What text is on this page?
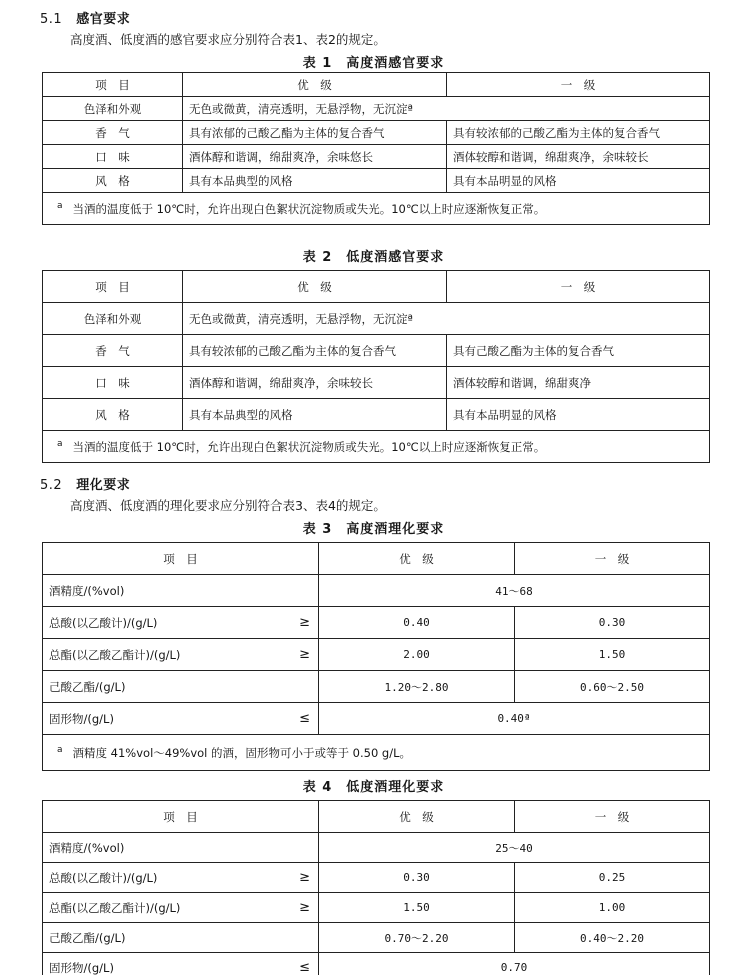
5.1 感官要求
高度酒、低度酒的感官要求应分别符合表1、表2的规定。
表 1 高度酒感官要求
项　目	优　级	一　级
色泽和外观	无色或微黄，清亮透明，无悬浮物，无沉淀ª	
香　气	具有浓郁的己酸乙酯为主体的复合香气	具有较浓郁的己酸乙酯为主体的复合香气
口　味	酒体醇和谐调，绵甜爽净，余味悠长	酒体较醇和谐调，绵甜爽净，余味较长
风　格	具有本品典型的风格	具有本品明显的风格
$^a$ 当酒的温度低于 10℃时，允许出现白色絮状沉淀物质或失光。10℃以上时应逐渐恢复正常。		
表 2 低度酒感官要求
项　目	优　级	一　级
色泽和外观	无色或微黄，清亮透明，无悬浮物，无沉淀ª	
香　气	具有较浓郁的己酸乙酯为主体的复合香气	具有己酸乙酯为主体的复合香气
口　味	酒体醇和谐调，绵甜爽净，余味较长	酒体较醇和谐调，绵甜爽净
风　格	具有本品典型的风格	具有本品明显的风格
$^a$ 当酒的温度低于 10℃时，允许出现白色絮状沉淀物质或失光。10℃以上时应逐渐恢复正常。		
5.2 理化要求
高度酒、低度酒的理化要求应分别符合表3、表4的规定。
表 3 高度酒理化要求
项　目	优　级	一　级
酒精度/(%vol)	41～68	
总酸(以乙酸计)/(g/L) ≥	0.40	0.30
总酯(以乙酸乙酯计)/(g/L) ≥	2.00	1.50
己酸乙酯/(g/L)	1.20～2.80	0.60～2.50
固形物/(g/L) ≤	0.40ª	
$^a$ 酒精度 41%vol～49%vol 的酒，固形物可小于或等于 0.50 g/L。		
表 4 低度酒理化要求
项　目	优　级	一　级
酒精度/(%vol)	25～40	
总酸(以乙酸计)/(g/L) ≥	0.30	0.25
总酯(以乙酸乙酯计)/(g/L) ≥	1.50	1.00
己酸乙酯/(g/L)	0.70～2.20	0.40～2.20
固形物/(g/L) ≤	0.70	
